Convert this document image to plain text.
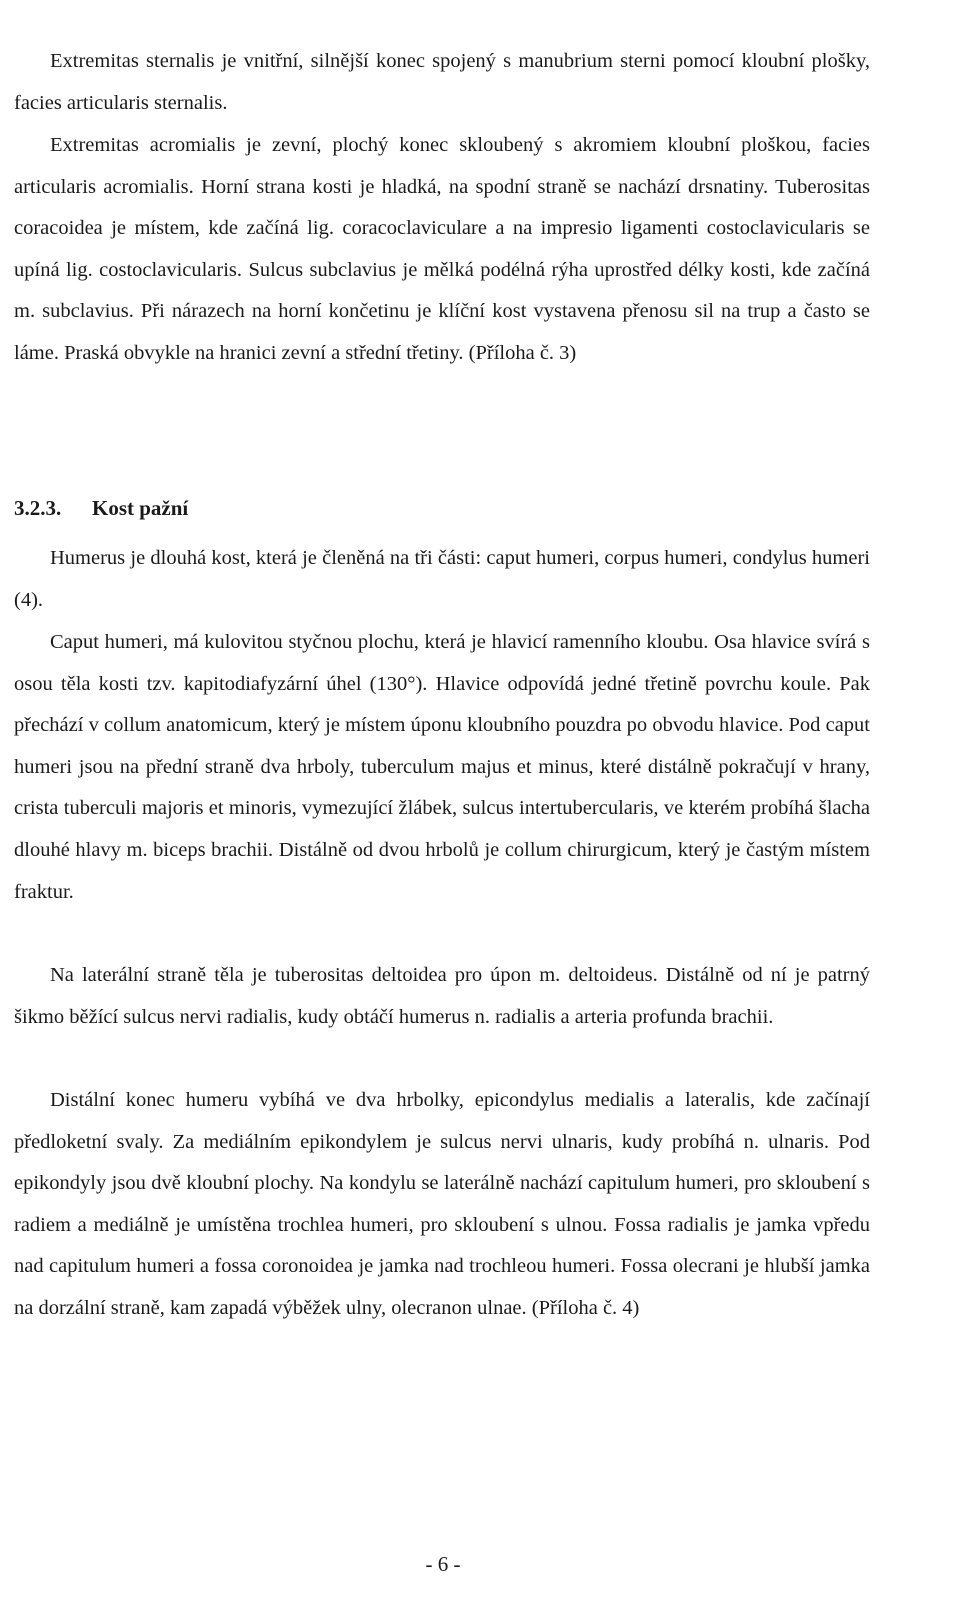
Extremitas sternalis je vnitřní, silnější konec spojený s manubrium sterni pomocí kloubní plošky, facies articularis sternalis.

Extremitas acromialis je zevní, plochý konec skloubený s akromiem kloubní ploškou, facies articularis acromialis. Horní strana kosti je hladká, na spodní straně se nachází drsnatiny. Tuberositas coracoidea je místem, kde začíná lig. coracoclaviculare a na impresio ligamenti costoclavicularis se upíná lig. costoclavicularis. Sulcus subclavius je mělká podélná rýha uprostřed délky kosti, kde začíná m. subclavius. Při nárazech na horní končetinu je klíční kost vystavena přenosu sil na trup a často se láme. Praská obvykle na hranici zevní a střední třetiny. (Příloha č. 3)

3.2.3. Kost pažní

Humerus je dlouhá kost, která je členěná na tři části: caput humeri, corpus humeri, condylus humeri (4).

Caput humeri, má kulovitou styčnou plochu, která je hlavicí ramenního kloubu. Osa hlavice svírá s osou těla kosti tzv. kapitodiafyzární úhel (130°). Hlavice odpovídá jedné třetině povrchu koule. Pak přechází v collum anatomicum, který je místem úponu kloubního pouzdra po obvodu hlavice. Pod caput humeri jsou na přední straně dva hrboly, tuberculum majus et minus, které distálně pokračují v hrany, crista tuberculi majoris et minoris, vymezující žlábek, sulcus intertubercularis, ve kterém probíhá šlacha dlouhé hlavy m. biceps brachii. Distálně od dvou hrbolů je collum chirurgicum, který je častým místem fraktur.

Na laterální straně těla je tuberositas deltoidea pro úpon m. deltoideus. Distálně od ní je patrný šikmo běžící sulcus nervi radialis, kudy obtáčí humerus n. radialis a arteria profunda brachii.

Distální konec humeru vybíhá ve dva hrbolky, epicondylus medialis a lateralis, kde začínají předloketní svaly. Za mediálním epikondylem je sulcus nervi ulnaris, kudy probíhá n. ulnaris. Pod epikondyly jsou dvě kloubní plochy. Na kondylu se laterálně nachází capitulum humeri, pro skloubení s radiem a mediálně je umístěna trochlea humeri, pro skloubení s ulnou. Fossa radialis je jamka vpředu nad capitulum humeri a fossa coronoidea je jamka nad trochleou humeri. Fossa olecrani je hlubší jamka na dorzální straně, kam zapadá výběžek ulny, olecranon ulnae. (Příloha č. 4)

- 6 -
